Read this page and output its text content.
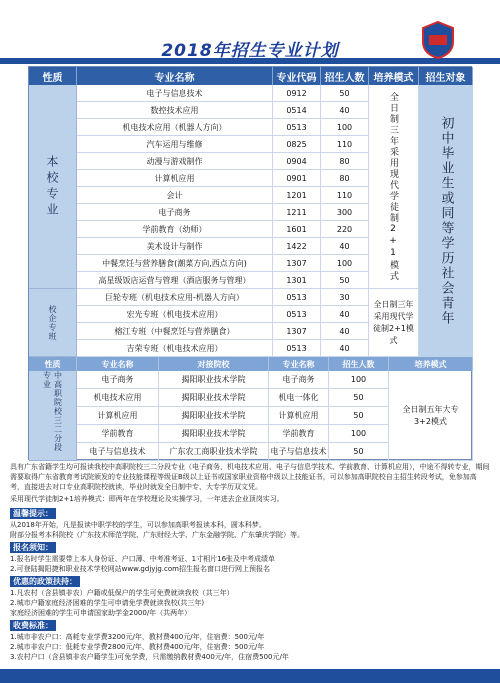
2018年招生专业计划
性质	专业名称	专业代码 招生人数 培养模式	招生对象
电子与信息技术	0912	50
数控技术应用	0514	40
机电技术应用（机器人方向）	0513	100
汽车运用与维修	0825	110
动漫与游戏制作	0904	80
计算机应用	0901	80
会计	1201	110
电子商务	1211	300
学前教育（幼师）	1601	220
美术设计与制作	1422	40
中餐烹饪与营养膳食(潮菜方向,西点方向)	1307	100
高星级饭店运营与管理（酒店服务与管理）	1301	50
本校专业	全日制三年采用现代学徒制2+1模式
巨轮专班（机电技术应用-机器人方向）	0513	30
宏光专班（机电技术应用）	0513	40
榕江专班（中餐烹饪与营养膳食）	1307	40
吉荣专班（机电技术应用）	0513	40
校企专班
全日制三年采用现代学徒制2+1模式
初中毕业生或同等学历社会青年
性质	专业名称	对接院校	专业名称	招生人数	培养模式
电子商务	揭阳职业技术学院	电子商务	100
机电技术应用	揭阳职业技术学院	机电一体化	50
计算机应用	揭阳职业技术学院	计算机应用	50
学前教育	揭阳职业技术学院	学前教育	100
电子与信息技术	广东农工商职业技术学院	电子与信息技术	50
中高职院校三二分段专业
全日制五年大专3+2模式
具有广东省籍学生均可报读我校中高职院校三二分段专业（电子商务、机电技术应用、电子与信息学技术、学前教育、计算机应用），中途不得转专业，期间需要取得广东省教育考试院颁发的专业技能课程等级证B级以上证书或国家职业资格中级以上技能证书，可以参加高职院校自主招生转段考试，免参加高考，直接进去对口专业高职院校就读，毕业时就发全日制中专、大专学历双文凭。
采用现代学徒制2+1培养模式：即两年在学校理论及实操学习，一年进去企业顶岗实习。
温馨提示：
从2018年开始，凡是报读中职学校的学生，可以参加高职考报读本科，圆本科梦。
附部分报考本科院校（广东技术师范学院、广东财经大学、广东金融学院、广东肇庆学院）等。
报名须知：
1.报名时学生需要带上本人身份证、户口薄、中考准考证、1寸相片16张及中考成绩单
2.可登陆揭阳捷和职业技术学校网站www.gdjyjg.com招生报名窗口进行网上预报名
优惠的政策扶持：
1.凡农村（含县镇非农）户籍或低保户的学生可免费就读我校（共三年）
2.城市户籍家庭经济困难的学生可申请免学费就读我校(共三年)
家庭经济困难的学生可申请国家助学金2000/年（共两年）
收费标准：
1.城市非农户口：高耗专业学费3200元/年，教材费400元/年，住宿费：500元/年
2.城市非农户口：低耗专业学费2800元/年，教材费400元/年，住宿费：500元/年
3.农村户口（含县镇非农户籍学生)可免学费，只需缴纳教材费400元/年，住宿费500元/年
